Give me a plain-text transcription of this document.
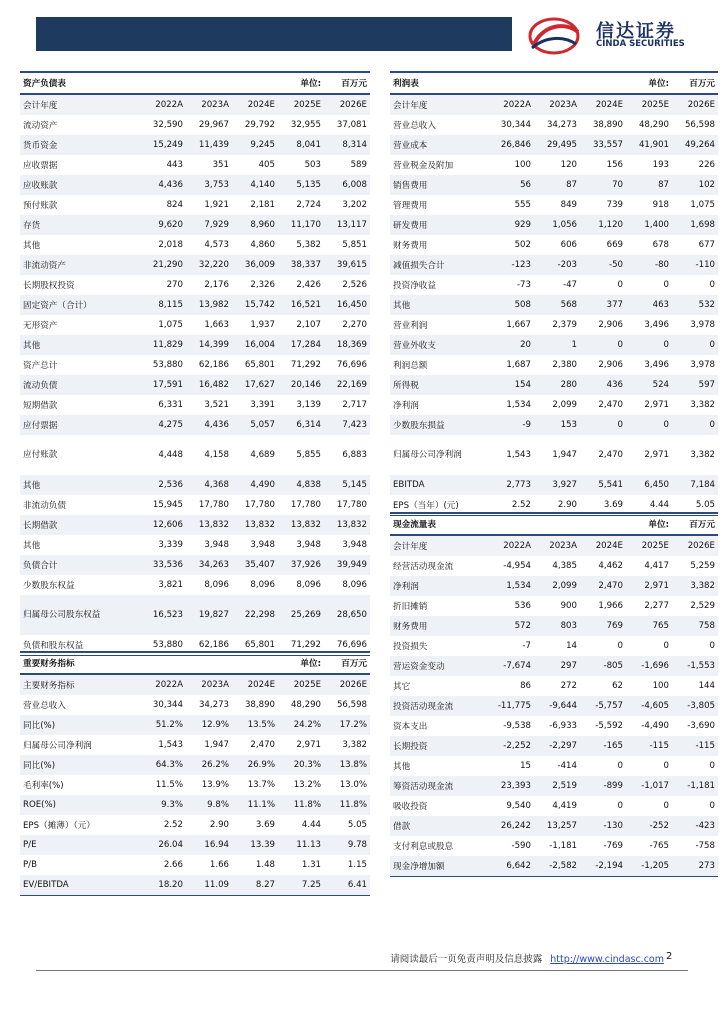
信达证券
CINDA SECURITIES
资产负债表			单位:		百万元
会计年度	2022A	2023A	2024E	2025E	2026E
流动资产	32,590	29,967	29,792	32,955	37,081
货币资金	15,249	11,439	9,245	8,041	8,314
应收票据	443	351	405	503	589
应收账款	4,436	3,753	4,140	5,135	6,008
预付账款	824	1,921	2,181	2,724	3,202
存货	9,620	7,929	8,960	11,170	13,117
其他	2,018	4,573	4,860	5,382	5,851
非流动资产	21,290	32,220	36,009	38,337	39,615
长期股权投资	270	2,176	2,326	2,426	2,526
固定资产（合计）	8,115	13,982	15,742	16,521	16,450
无形资产	1,075	1,663	1,937	2,107	2,270
其他	11,829	14,399	16,004	17,284	18,369
资产总计	53,880	62,186	65,801	71,292	76,696
流动负债	17,591	16,482	17,627	20,146	22,169
短期借款	6,331	3,521	3,391	3,139	2,717
应付票据	4,275	4,436	5,057	6,314	7,423
应付账款	4,448	4,158	4,689	5,855	6,883
其他	2,536	4,368	4,490	4,838	5,145
非流动负债	15,945	17,780	17,780	17,780	17,780
长期借款	12,606	13,832	13,832	13,832	13,832
其他	3,339	3,948	3,948	3,948	3,948
负债合计	33,536	34,263	35,407	37,926	39,949
少数股东权益	3,821	8,096	8,096	8,096	8,096
归属母公司股东权益	16,523	19,827	22,298	25,269	28,650
负债和股东权益	53,880	62,186	65,801	71,292	76,696
重要财务指标			单位:		百万元
主要财务指标	2022A	2023A	2024E	2025E	2026E
营业总收入	30,344	34,273	38,890	48,290	56,598
同比(%)	51.2%	12.9%	13.5%	24.2%	17.2%
归属母公司净利润	1,543	1,947	2,470	2,971	3,382
同比(%)	64.3%	26.2%	26.9%	20.3%	13.8%
毛利率(%)	11.5%	13.9%	13.7%	13.2%	13.0%
ROE(%)	9.3%	9.8%	11.1%	11.8%	11.8%
EPS（摊薄）（元）	2.52	2.90	3.69	4.44	5.05
P/E	26.04	16.94	13.39	11.13	9.78
P/B	2.66	1.66	1.48	1.31	1.15
EV/EBITDA	18.20	11.09	8.27	7.25	6.41
利润表			单位:		百万元
会计年度	2022A	2023A	2024E	2025E	2026E
营业总收入	30,344	34,273	38,890	48,290	56,598
营业成本	26,846	29,495	33,557	41,901	49,264
营业税金及附加	100	120	156	193	226
销售费用	56	87	70	87	102
管理费用	555	849	739	918	1,075
研发费用	929	1,056	1,120	1,400	1,698
财务费用	502	606	669	678	677
减值损失合计	-123	-203	-50	-80	-110
投资净收益	-73	-47	0	0	0
其他	508	568	377	463	532
营业利润	1,667	2,379	2,906	3,496	3,978
营业外收支	20	1	0	0	0
利润总额	1,687	2,380	2,906	3,496	3,978
所得税	154	280	436	524	597
净利润	1,534	2,099	2,470	2,971	3,382
少数股东损益	-9	153	0	0	0
归属母公司净利润	1,543	1,947	2,470	2,971	3,382
EBITDA	2,773	3,927	5,541	6,450	7,184
EPS（当年）(元)	2.52	2.90	3.69	4.44	5.05
现金流量表			单位:		百万元
会计年度	2022A	2023A	2024E	2025E	2026E
经营活动现金流	-4,954	4,385	4,462	4,417	5,259
净利润	1,534	2,099	2,470	2,971	3,382
折旧摊销	536	900	1,966	2,277	2,529
财务费用	572	803	769	765	758
投资损失	-7	14	0	0	0
营运资金变动	-7,674	297	-805	-1,696	-1,553
其它	86	272	62	100	144
投资活动现金流	-11,775	-9,644	-5,757	-4,605	-3,805
资本支出	-9,538	-6,933	-5,592	-4,490	-3,690
长期投资	-2,252	-2,297	-165	-115	-115
其他	15	-414	0	0	0
筹资活动现金流	23,393	2,519	-899	-1,017	-1,181
吸收投资	9,540	4,419	0	0	0
借款	26,242	13,257	-130	-252	-423
支付利息或股息	-590	-1,181	-769	-765	-758
现金净增加额	6,642	-2,582	-2,194	-1,205	273
请阅读最后一页免责声明及信息披露 http://www.cindasc.com 2
